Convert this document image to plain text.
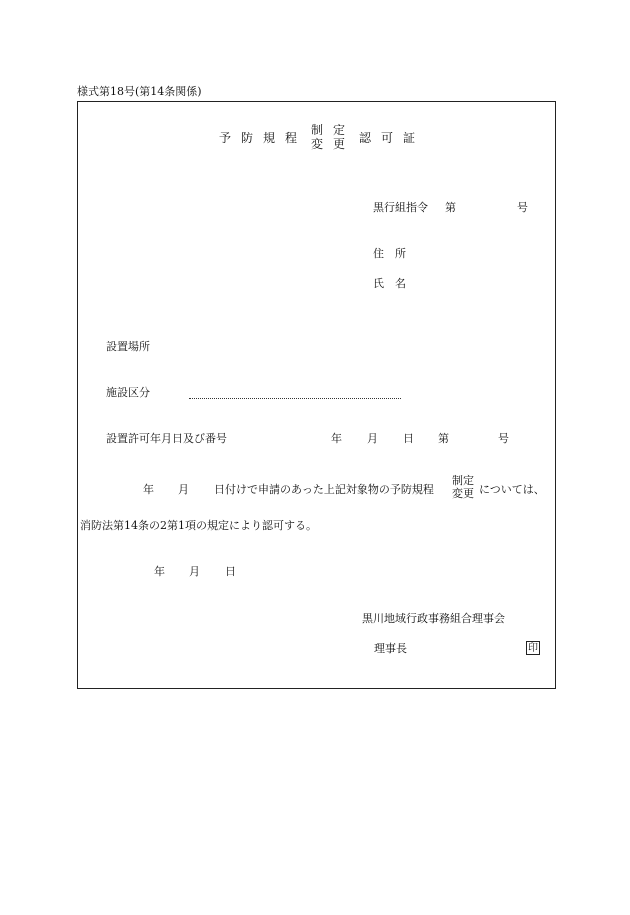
様式第18号(第14条関係)
予防規程
制定
変更 認可証
黒行組指令 第	号
住　所
氏　名
設置場所
施設区分
設置許可年月日及び番号	年 月 日 第	号
年 月 日付けで申請のあった上記対象物の予防規程
制定
変更 については、
消防法第14条の2第1項の規定により認可する。
年 月 日
黒川地域行政事務組合理事会
理事長	印
